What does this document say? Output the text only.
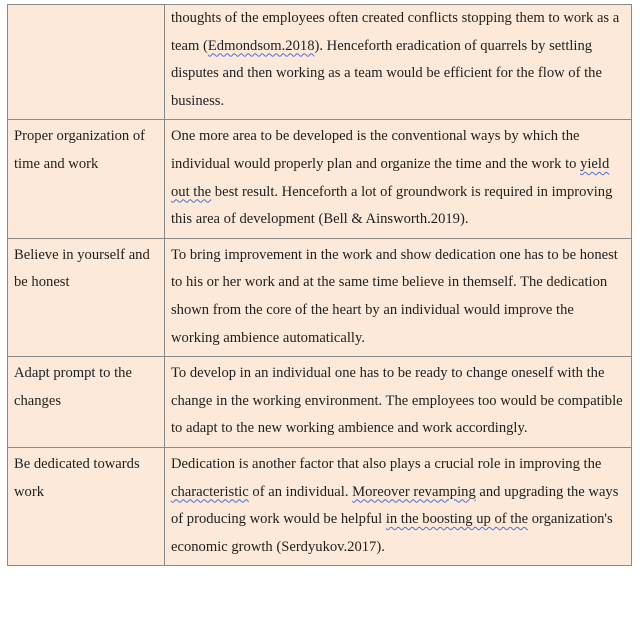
	thoughts of the employees often created conflicts stopping them to work as a team (Edmondsom.2018). Henceforth eradication of quarrels by settling disputes and then working as a team would be efficient for the flow of the business.
Proper organization of time and work	One more area to be developed is the conventional ways by which the individual would properly plan and organize the time and the work to yield out the best result. Henceforth a lot of groundwork is required in improving this area of development (Bell & Ainsworth.2019).
Believe in yourself and be honest	To bring improvement in the work and show dedication one has to be honest to his or her work and at the same time believe in themself. The dedication shown from the core of the heart by an individual would improve the working ambience automatically.
Adapt prompt to the changes	To develop in an individual one has to be ready to change oneself with the change in the working environment. The employees too would be compatible to adapt to the new working ambience and work accordingly.
Be dedicated towards work	Dedication is another factor that also plays a crucial role in improving the characteristic of an individual. Moreover revamping and upgrading the ways of producing work would be helpful in the boosting up of the organization's economic growth (Serdyukov.2017).
